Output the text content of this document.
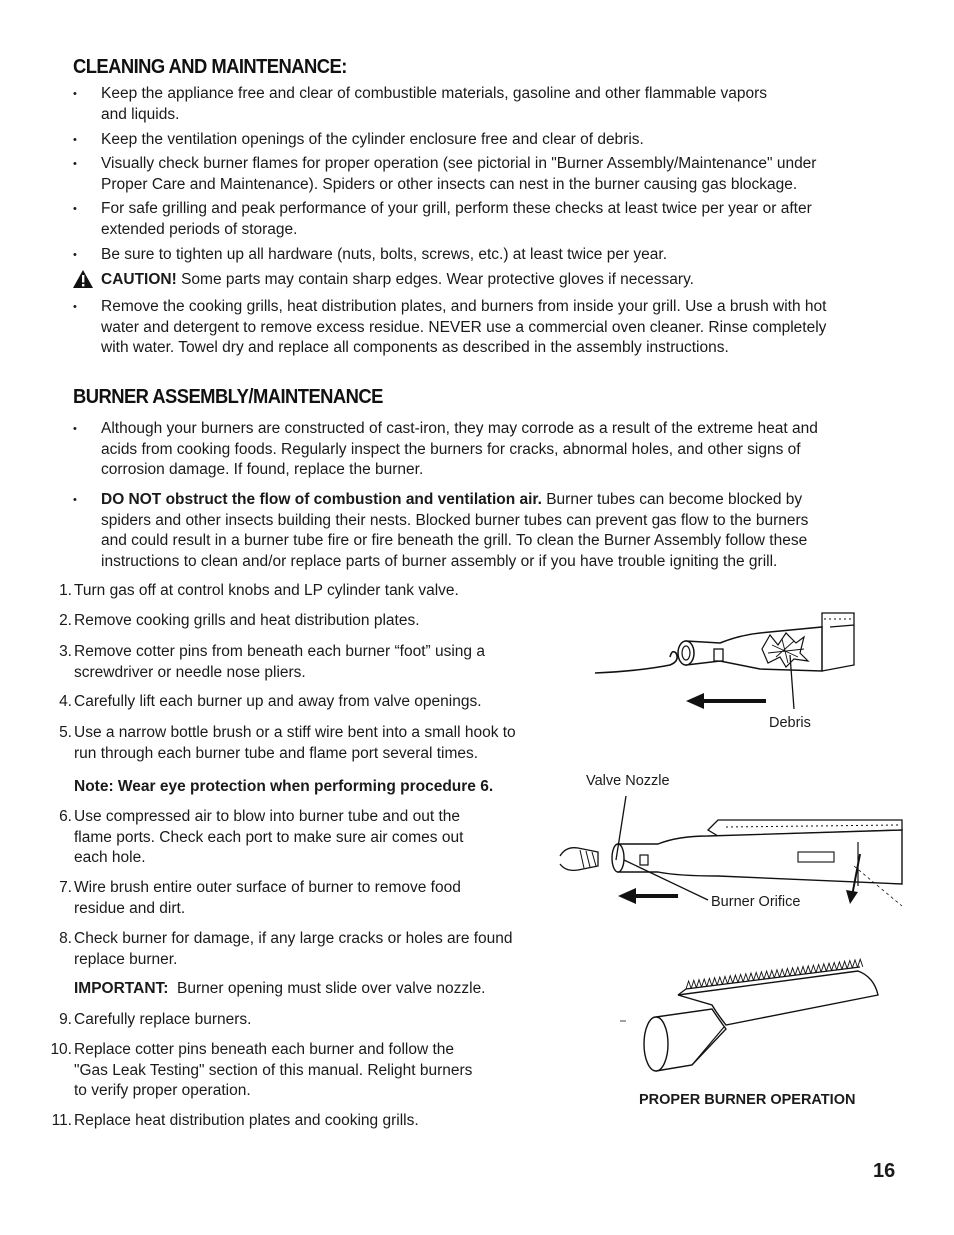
CLEANING AND MAINTENANCE:
•	Keep the appliance free and clear of combustible materials, gasoline and other flammable vapors
and liquids.
•	Keep the ventilation openings of the cylinder enclosure free and clear of debris.
•	Visually check burner flames for proper operation (see pictorial in "Burner Assembly/Maintenance" under
Proper Care and Maintenance). Spiders or other insects can nest in the burner causing gas blockage.
•	For safe grilling and peak performance of your grill, perform these checks at least twice per year or after
extended periods of storage.
•	Be sure to tighten up all hardware (nuts, bolts, screws, etc.) at least twice per year.
CAUTION! Some parts may contain sharp edges. Wear protective gloves if necessary.
•	Remove the cooking grills, heat distribution plates, and burners from inside your grill. Use a brush with hot
water and detergent to remove excess residue. NEVER use a commercial oven cleaner. Rinse completely
with water. Towel dry and replace all components as described in the assembly instructions.
BURNER ASSEMBLY/MAINTENANCE
•	Although your burners are constructed of cast-iron, they may corrode as a result of the extreme heat and
acids from cooking foods. Regularly inspect the burners for cracks, abnormal holes, and other signs of
corrosion damage. If found, replace the burner.
•	DO NOT obstruct the flow of combustion and ventilation air. Burner tubes can become blocked by
spiders and other insects building their nests. Blocked burner tubes can prevent gas flow to the burners
and could result in a burner tube fire or fire beneath the grill. To clean the Burner Assembly follow these
instructions to clean and/or replace parts of burner assembly or if you have trouble igniting the grill.
1. Turn gas off at control knobs and LP cylinder tank valve.
2. Remove cooking grills and heat distribution plates.
3. Remove cotter pins from beneath each burner “foot” using a
screwdriver or needle nose pliers.
4. Carefully lift each burner up and away from valve openings.
5. Use a narrow bottle brush or a stiff wire bent into a small hook to
run through each burner tube and flame port several times.
Note: Wear eye protection when performing procedure 6.
6. Use compressed air to blow into burner tube and out the
flame ports. Check each port to make sure air comes out
each hole.
7. Wire brush entire outer surface of burner to remove food
residue and dirt.
8. Check burner for damage, if any large cracks or holes are found
replace burner.
IMPORTANT:  Burner opening must slide over valve nozzle.
9. Carefully replace burners.
10. Replace cotter pins beneath each burner and follow the
"Gas Leak Testing" section of this manual. Relight burners
to verify proper operation.
11. Replace heat distribution plates and cooking grills.
Debris
Valve Nozzle
Burner Orifice
PROPER BURNER OPERATION
16
